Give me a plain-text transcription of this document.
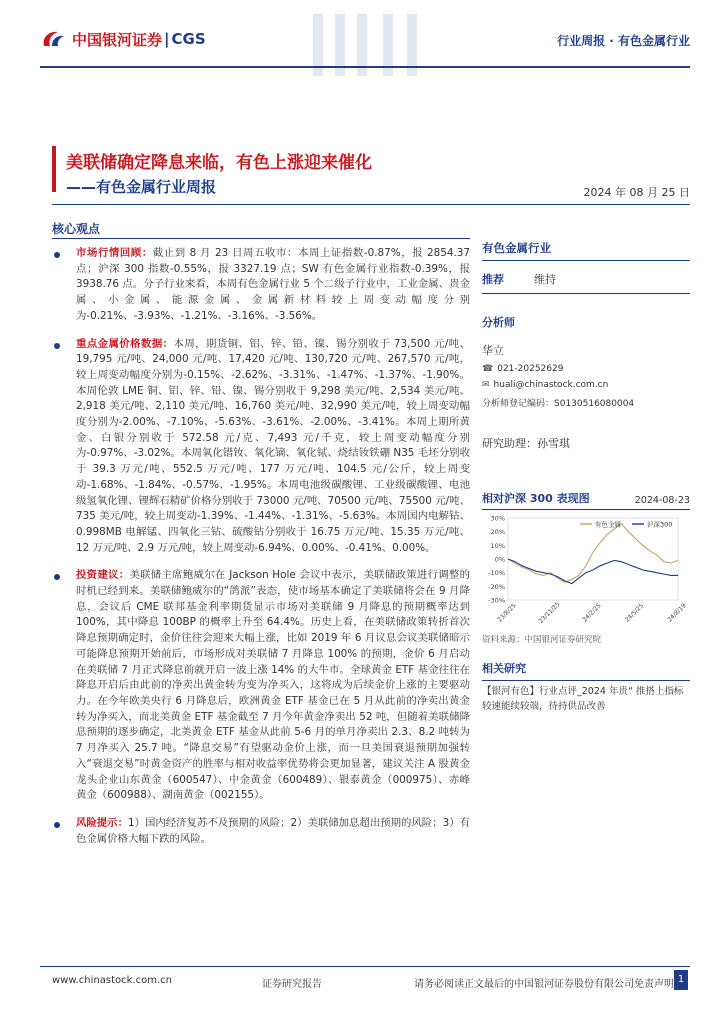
中国银河证券 | CGS	行业周报 · 有色金属行业
美联储确定降息来临，有色上涨迎来催化
——有色金属行业周报	2024 年 08 月 25 日
核心观点
市场行情回顾：截止到 8 月 23 日周五收市：本周上证指数-0.87%，报 2854.37 点；沪深 300 指数-0.55%，报 3327.19 点；SW 有色金属行业指数-0.39%，报 3938.76 点。分子行业来看，本周有色金属行业 5 个二级子行业中，工业金属、贵金属、小金属、能源金属、金属新材料较上周变动幅度分别为-0.21%、-3.93%、-1.21%、-3.16%、-3.56%。
重点金属价格数据：本周，期货铜、铝、锌、铅、镍、锡分别收于 73,500 元/吨、19,795 元/吨、24,000 元/吨、17,420 元/吨、130,720 元/吨、267,570 元/吨，较上周变动幅度分别为-0.15%、-2.62%、-3.31%、-1.47%、-1.37%、-1.90%。本周伦敦 LME 铜、铝、锌、铅、镍、锡分别收于 9,298 美元/吨、2,534 美元/吨、2,918 美元/吨、2,110 美元/吨、16,760 美元/吨、32,990 美元/吨，较上周变动幅度分别为-2.00%、-7.10%、-5.63%、-3.61%、-2.00%、-3.41%。本周上期所黄金、白银分别收于 572.58 元/克、7,493 元/千克，较上周变动幅度分别为-0.97%、-3.02%。本周氧化镨钕、氧化镝、氧化铽、烧结钕铁硼 N35 毛坯分别收于 39.3 万元/吨、552.5 万元/吨、177 万元/吨、104.5 元/公斤，较上周变动-1.68%、-1.84%、-0.57%、-1.95%。本周电池级碳酸锂、工业级碳酸锂、电池级氢氧化锂、锂辉石精矿价格分别收于 73000 元/吨、70500 元/吨、75500 元/吨、735 美元/吨，较上周变动-1.39%、-1.44%、-1.31%、-5.63%。本周国内电解钴、0.998MB 电解锰、四氧化三钴、硫酸钴分别收于 16.75 万元/吨、15.35 万元/吨、12 万元/吨、2.9 万元/吨，较上周变动-6.94%、0.00%、-0.41%、0.00%。
投资建议：美联储主席鲍威尔在 Jackson Hole 会议中表示，美联储政策进行调整的时机已经到来。美联储鲍威尔的“鸽派”表态，使市场基本确定了美联储将会在 9 月降息，会议后 CME 联邦基金利率期货显示市场对美联储 9 月降息的预期概率达到 100%，其中降息 100BP 的概率上升至 64.4%。历史上看，在美联储政策转折首次降息预期确定时，金价往往会迎来大幅上涨，比如 2019 年 6 月议息会议美联储暗示可能降息预期开始前后，市场形成对美联储 7 月降息 100% 的预期，金价 6 月启动在美联储 7 月正式降息前就开启一波上涨 14% 的大牛市。全球黄金 ETF 基金往往在降息开启后由此前的净卖出黄金转为变为净买入，这将成为后续金价上涨的主要驱动力。在今年欧美央行 6 月降息后，欧洲黄金 ETF 基金已在 5 月从此前的净卖出黄金转为净买入，而北美黄金 ETF 基金截至 7 月今年黄金净卖出 52 吨，但随着美联储降息预期的逐步确定，北美黄金 ETF 基金从此前 5-6 月的单月净卖出 2.3、8.2 吨转为 7 月净买入 25.7 吨。“降息交易”有望驱动金价上涨，而一旦美国衰退预期加强转入“衰退交易”时黄金资产的胜率与相对收益率优势将会更加显著，建议关注 A 股黄金龙头企业山东黄金（600547）、中金黄金（600489）、银泰黄金（000975）、赤峰黄金（600988）、湖南黄金（002155）。
风险提示：1）国内经济复苏不及预期的风险；2）美联储加息超出预期的风险；3）有色金属价格大幅下跌的风险。
有色金属行业
推荐	维持
分析师
华立
☎ 021-20252629
✉ huali@chinastock.com.cn
分析师登记编码：S0130516080004
研究助理：孙雪琪
相对沪深 300 表现图	2024-08-23
30%
20%
10%
0%
-10%
-20%
-30%
23/8/25	23/11/25	24/2/25	24/5/25	24/8/19
有色金属	沪深300
资料来源：中国银河证券研究院
相关研究
【银河有色】行业点评_2024 年贵“ 推搭上指标较速能续较端，待持供品改善
www.chinastock.com.cn	证券研究报告	请务必阅读正文最后的中国银河证券股份有限公司免责声明 1
